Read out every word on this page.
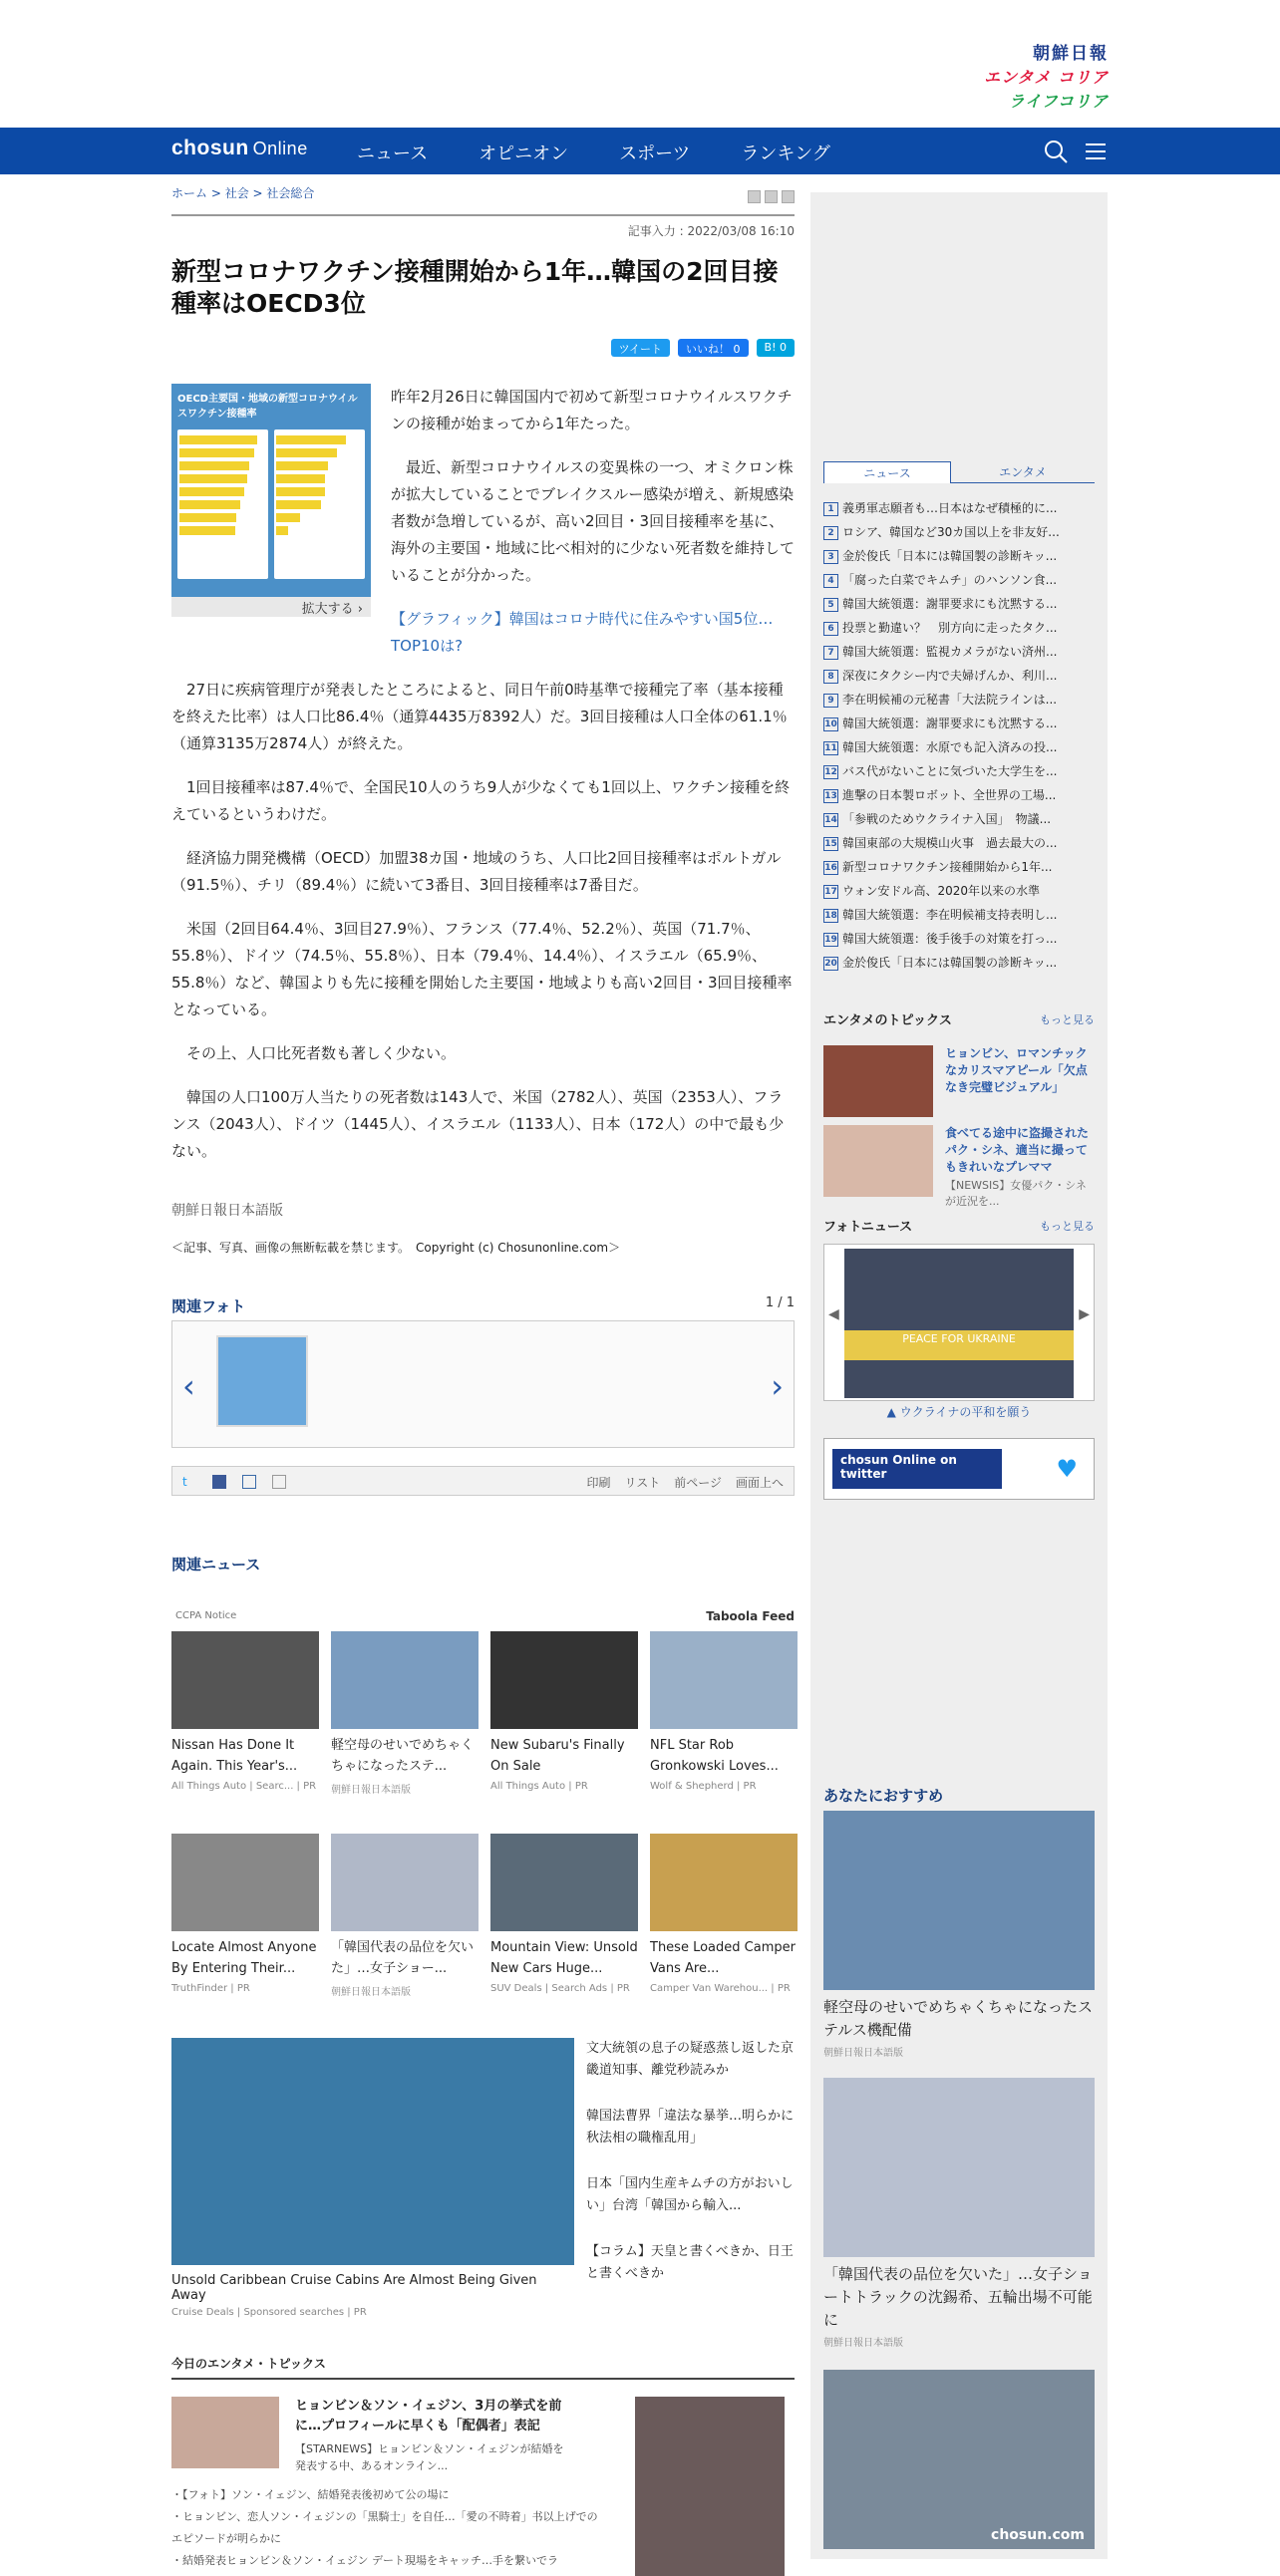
朝鮮日報
エンタメ コリア
ライフコリア
chosun Online	ニュース	オピニオン	スポーツ	ランキング
ホーム > 社会 > 社会総合
記事入力 : 2022/03/08 16:10
新型コロナワクチン接種開始から1年…韓国の2回目接種率はOECD3位
ツイート	いいね！ 0	B! 0
OECD主要国・地域の新型コロナウイルスワクチン接種率
拡大する ›

昨年2月26日に韓国国内で初めて新型コロナウイルスワクチンの接種が始まってから1年たった。

最近、新型コロナウイルスの変異株の一つ、オミクロン株が拡大していることでブレイクスルー感染が増え、新規感染者数が急増しているが、高い2回目・3回目接種率を基に、海外の主要国・地域に比べ相対的に少ない死者数を維持していることが分かった。

【グラフィック】韓国はコロナ時代に住みやすい国5位…TOP10は?

27日に疾病管理庁が発表したところによると、同日午前0時基準で接種完了率（基本接種を終えた比率）は人口比86.4％（通算4435万8392人）だ。3回目接種は人口全体の61.1％（通算3135万2874人）が終えた。

1回目接種率は87.4％で、全国民10人のうち9人が少なくても1回以上、ワクチン接種を終えているというわけだ。

経済協力開発機構（OECD）加盟38カ国・地域のうち、人口比2回目接種率はポルトガル（91.5％）、チリ（89.4％）に続いて3番目、3回目接種率は7番目だ。

米国（2回目64.4％、3回目27.9％）、フランス（77.4％、52.2％）、英国（71.7％、55.8％）、ドイツ（74.5％、55.8％）、日本（79.4％、14.4％）、イスラエル（65.9％、55.8％）など、韓国よりも先に接種を開始した主要国・地域よりも高い2回目・3回目接種率となっている。

その上、人口比死者数も著しく少ない。

韓国の人口100万人当たりの死者数は143人で、米国（2782人）、英国（2353人）、フランス（2043人）、ドイツ（1445人）、イスラエル（1133人）、日本（172人）の中で最も少ない。

朝鮮日報日本語版
＜記事、写真、画像の無断転載を禁じます。　Copyright (c) Chosunonline.com＞
関連フォト	1 / 1
‹	›
t	印刷 リスト 前ページ 画面上へ
関連ニュース
CCPA Notice	Taboola Feed
Nissan Has Done It Again. This Year's...
All Things Auto | Searc... | PR
軽空母のせいでめちゃくちゃになったステ...
朝鮮日報日本語版
New Subaru's Finally On Sale
All Things Auto | PR
NFL Star Rob Gronkowski Loves...
Wolf & Shepherd | PR
Locate Almost Anyone By Entering Their...
TruthFinder | PR
「韓国代表の品位を欠いた」…女子ショー...
朝鮮日報日本語版
Mountain View: Unsold New Cars Huge...
SUV Deals | Search Ads | PR
These Loaded Camper Vans Are...
Camper Van Warehou... | PR
Unsold Caribbean Cruise Cabins Are Almost Being Given Away
Cruise Deals | Sponsored searches | PR
文大統領の息子の疑惑蒸し返した京畿道知事、離党秒読みか
韓国法曹界「違法な暴挙…明らかに秋法相の職権乱用」
日本「国内生産キムチの方がおいしい」台湾「韓国から輸入...
【コラム】天皇と書くべきか、日王と書くべきか
今日のエンタメ・トピックス
ヒョンビン＆ソン・イェジン、3月の挙式を前に…プロフィールに早くも「配偶者」表記
【STARNEWS】ヒョンビン＆ソン・イェジンが結婚を発表する中、あるオンライン...
・【フォト】ソン・イェジン、結婚発表後初めて公の場に
・ヒョンビン、恋人ソン・イェジンの「黒騎士」を自任…「愛の不時着」书以上げでのエピソードが明らかに
・結婚発表ヒョンビン＆ソン・イェジン デート現場をキャッチ…手を繋いでラ
ニュース	エンタメ
1 義勇軍志願者も…日本はなぜ積極的に...
2 ロシア、韓国など30カ国以上を非友好...
3 金於俊氏「日本には韓国製の診断キッ...
4 「腐った白菜でキムチ」のハンソン食...
5 韓国大統領選：謝罪要求にも沈黙する...
6 投票と勤違い？　別方向に走ったタク...
7 韓国大統領選：監視カメラがない済州...
8 深夜にタクシー内で夫婦げんか、利川...
9 李在明候補の元秘書「大法院ラインは...
10 韓国大統領選：謝罪要求にも沈黙する...
11 韓国大統領選：水原でも記入済みの投...
12 バス代がないことに気づいた大学生を...
13 進撃の日本製ロボット、全世界の工場...
14 「参戦のためウクライナ入国」　物議...
15 韓国東部の大規模山火事　過去最大の...
16 新型コロナワクチン接種開始から1年...
17 ウォン安ドル高、2020年以来の水準
18 韓国大統領選：李在明候補支持表明し...
19 韓国大統領選：後手後手の対策を打っ...
20 金於俊氏「日本には韓国製の診断キッ...
エンタメのトピックス	もっと見る
ヒョンビン、ロマンチックなカリスマアピール「欠点なき完璧ビジュアル」
食べてる途中に盗撮されたパク・シネ、適当に撮ってもきれいなプレママ
【NEWSIS】女優パク・シネが近況を...
フォトニュース	もっと見る
◀
PEACE FOR UKRAINE
▶
▲ ウクライナの平和を願う
chosun Online on twitter	♥
あなたにおすすめ
軽空母のせいでめちゃくちゃになったステルス機配備
朝鮮日報日本語版
「韓国代表の品位を欠いた」…女子ショートトラックの沈錫希、五輪出場不可能に
朝鮮日報日本語版
chosun.com
